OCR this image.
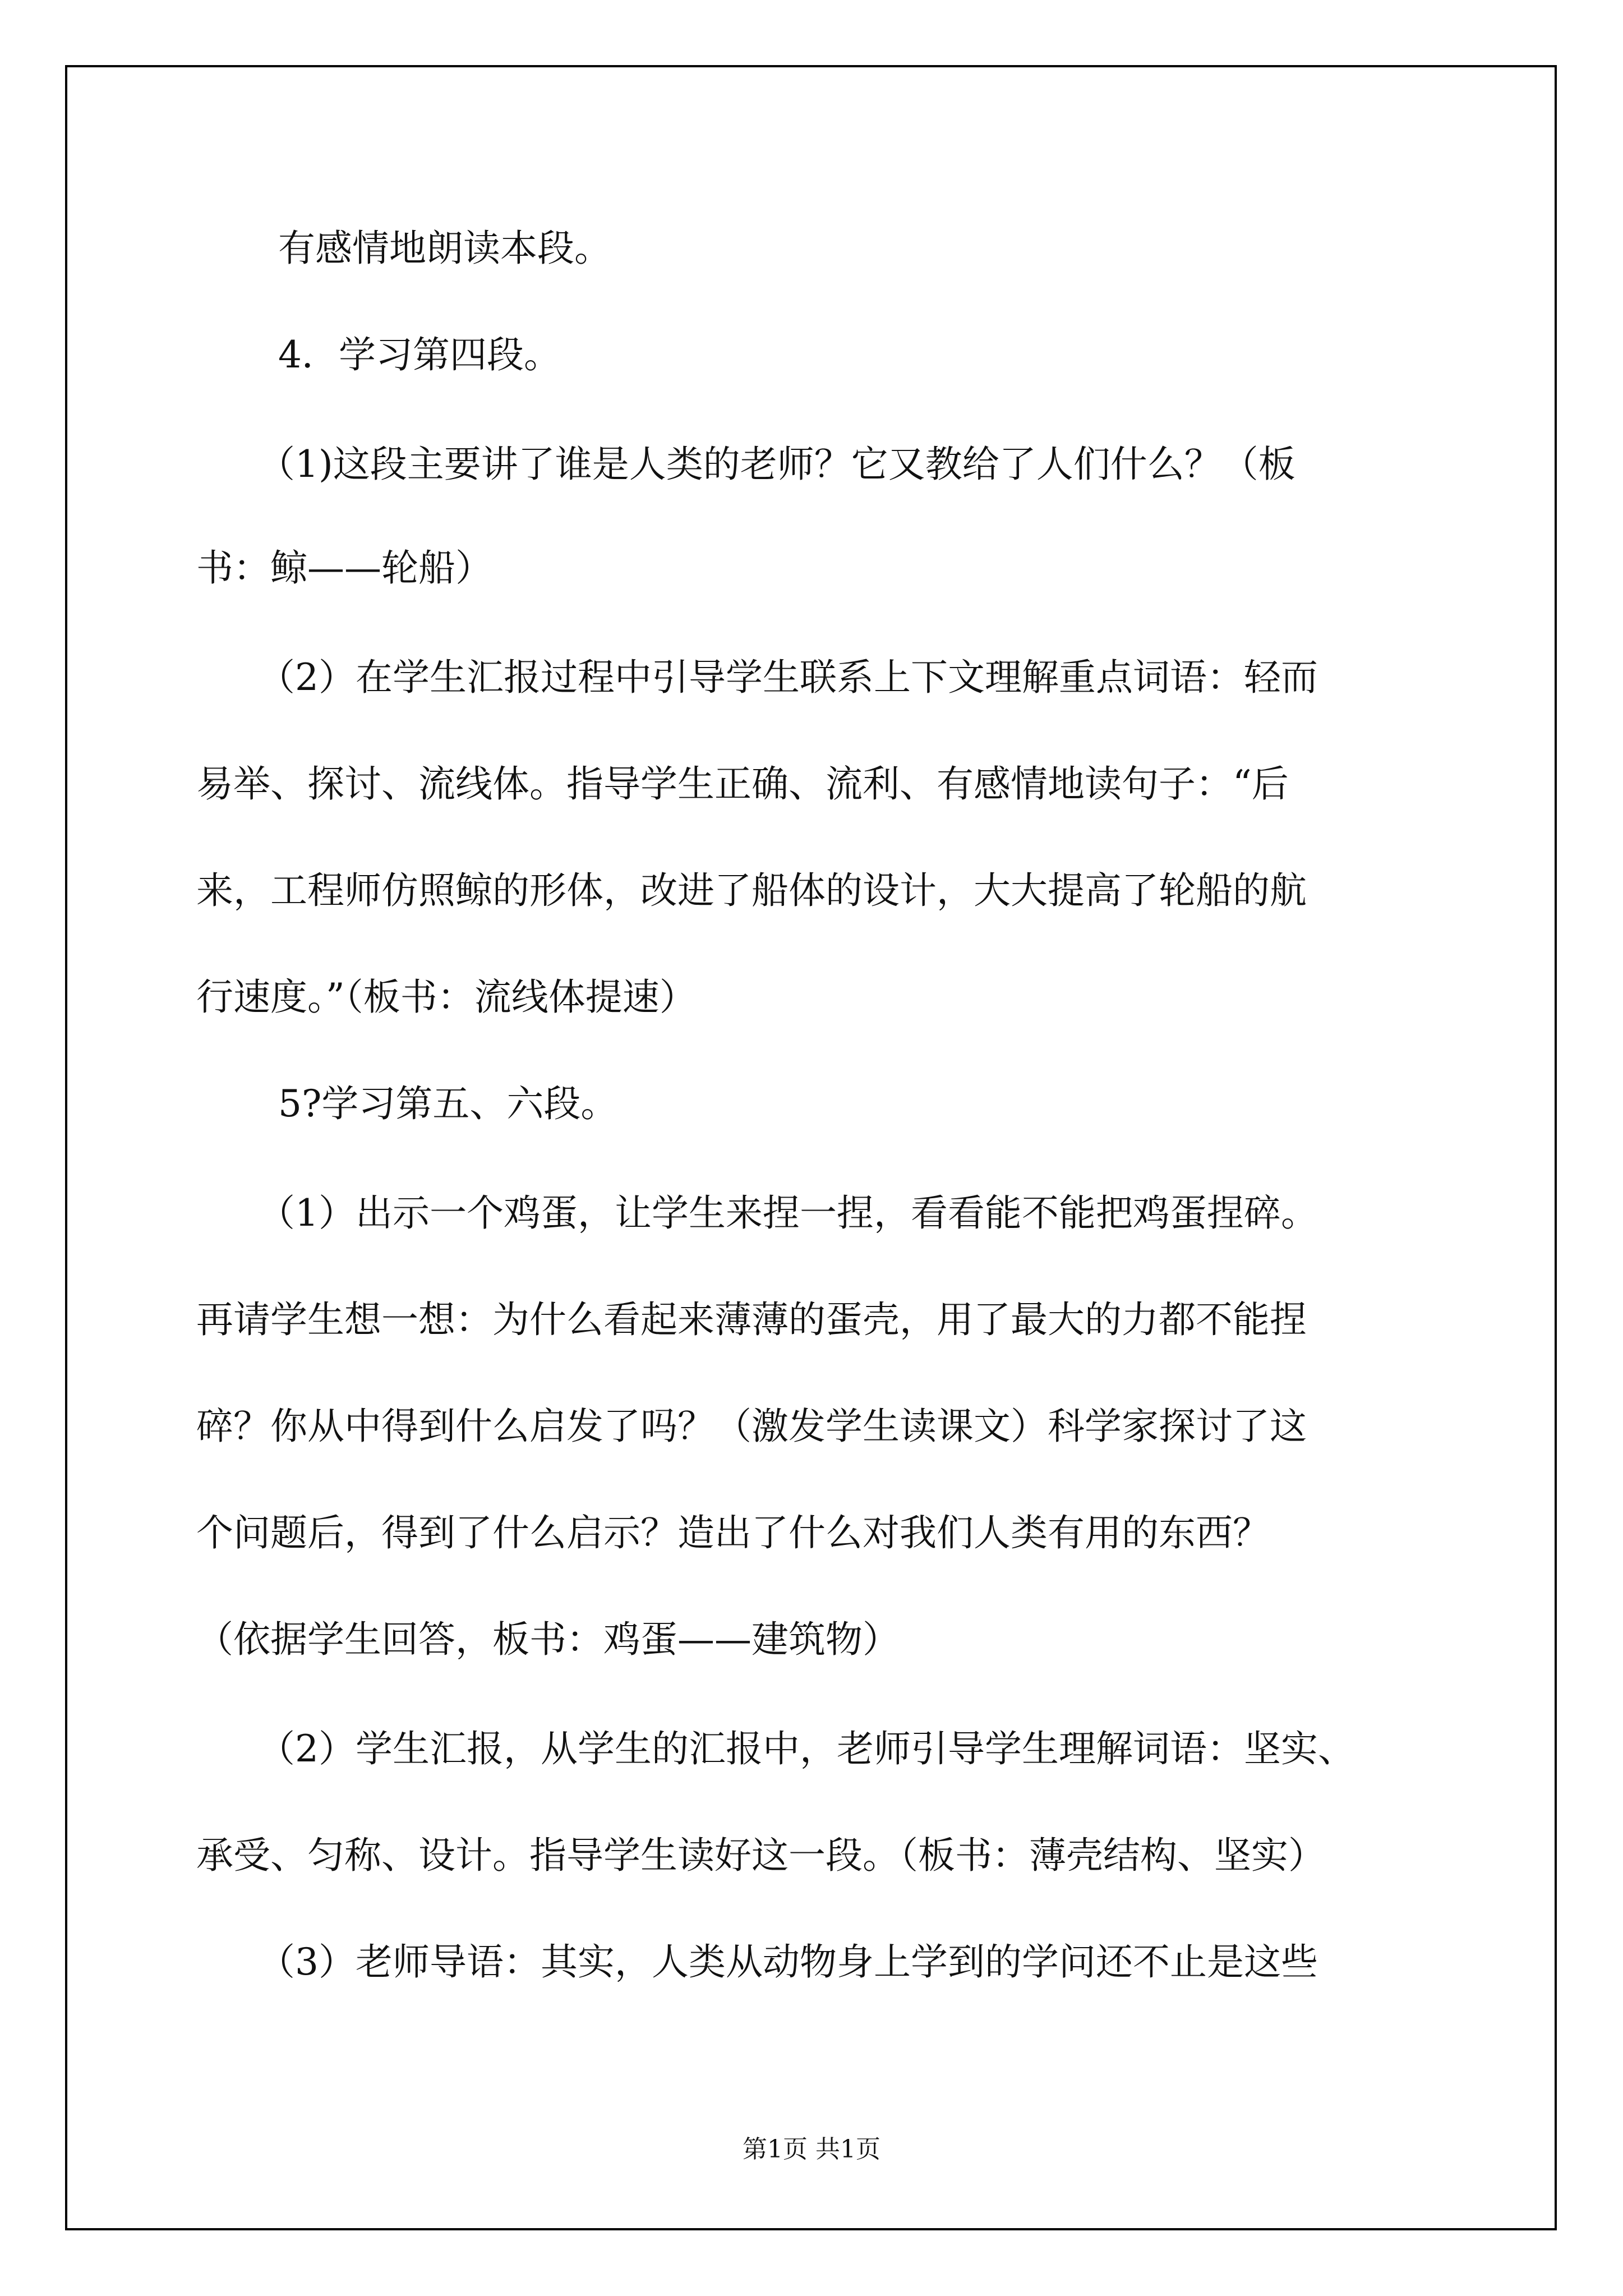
有感情地朗读本段。
4．学习第四段。
（1)这段主要讲了谁是人类的老师？它又教给了人们什么？（板
书：鲸——轮船）
（2）在学生汇报过程中引导学生联系上下文理解重点词语：轻而
易举、探讨、流线体。指导学生正确、流利、有感情地读句子：“后
来，工程师仿照鲸的形体，改进了船体的设计，大大提高了轮船的航
行速度。”（板书：流线体提速）
5?学习第五、六段。
（1）出示一个鸡蛋，让学生来捏一捏，看看能不能把鸡蛋捏碎。
再请学生想一想：为什么看起来薄薄的蛋壳，用了最大的力都不能捏
碎？你从中得到什么启发了吗？（激发学生读课文）科学家探讨了这
个问题后，得到了什么启示？造出了什么对我们人类有用的东西？
（依据学生回答，板书：鸡蛋——建筑物）
（2）学生汇报，从学生的汇报中，老师引导学生理解词语：坚实、
承受、匀称、设计。指导学生读好这一段。（板书：薄壳结构、坚实）
（3）老师导语：其实，人类从动物身上学到的学问还不止是这些
第1页 共1页
